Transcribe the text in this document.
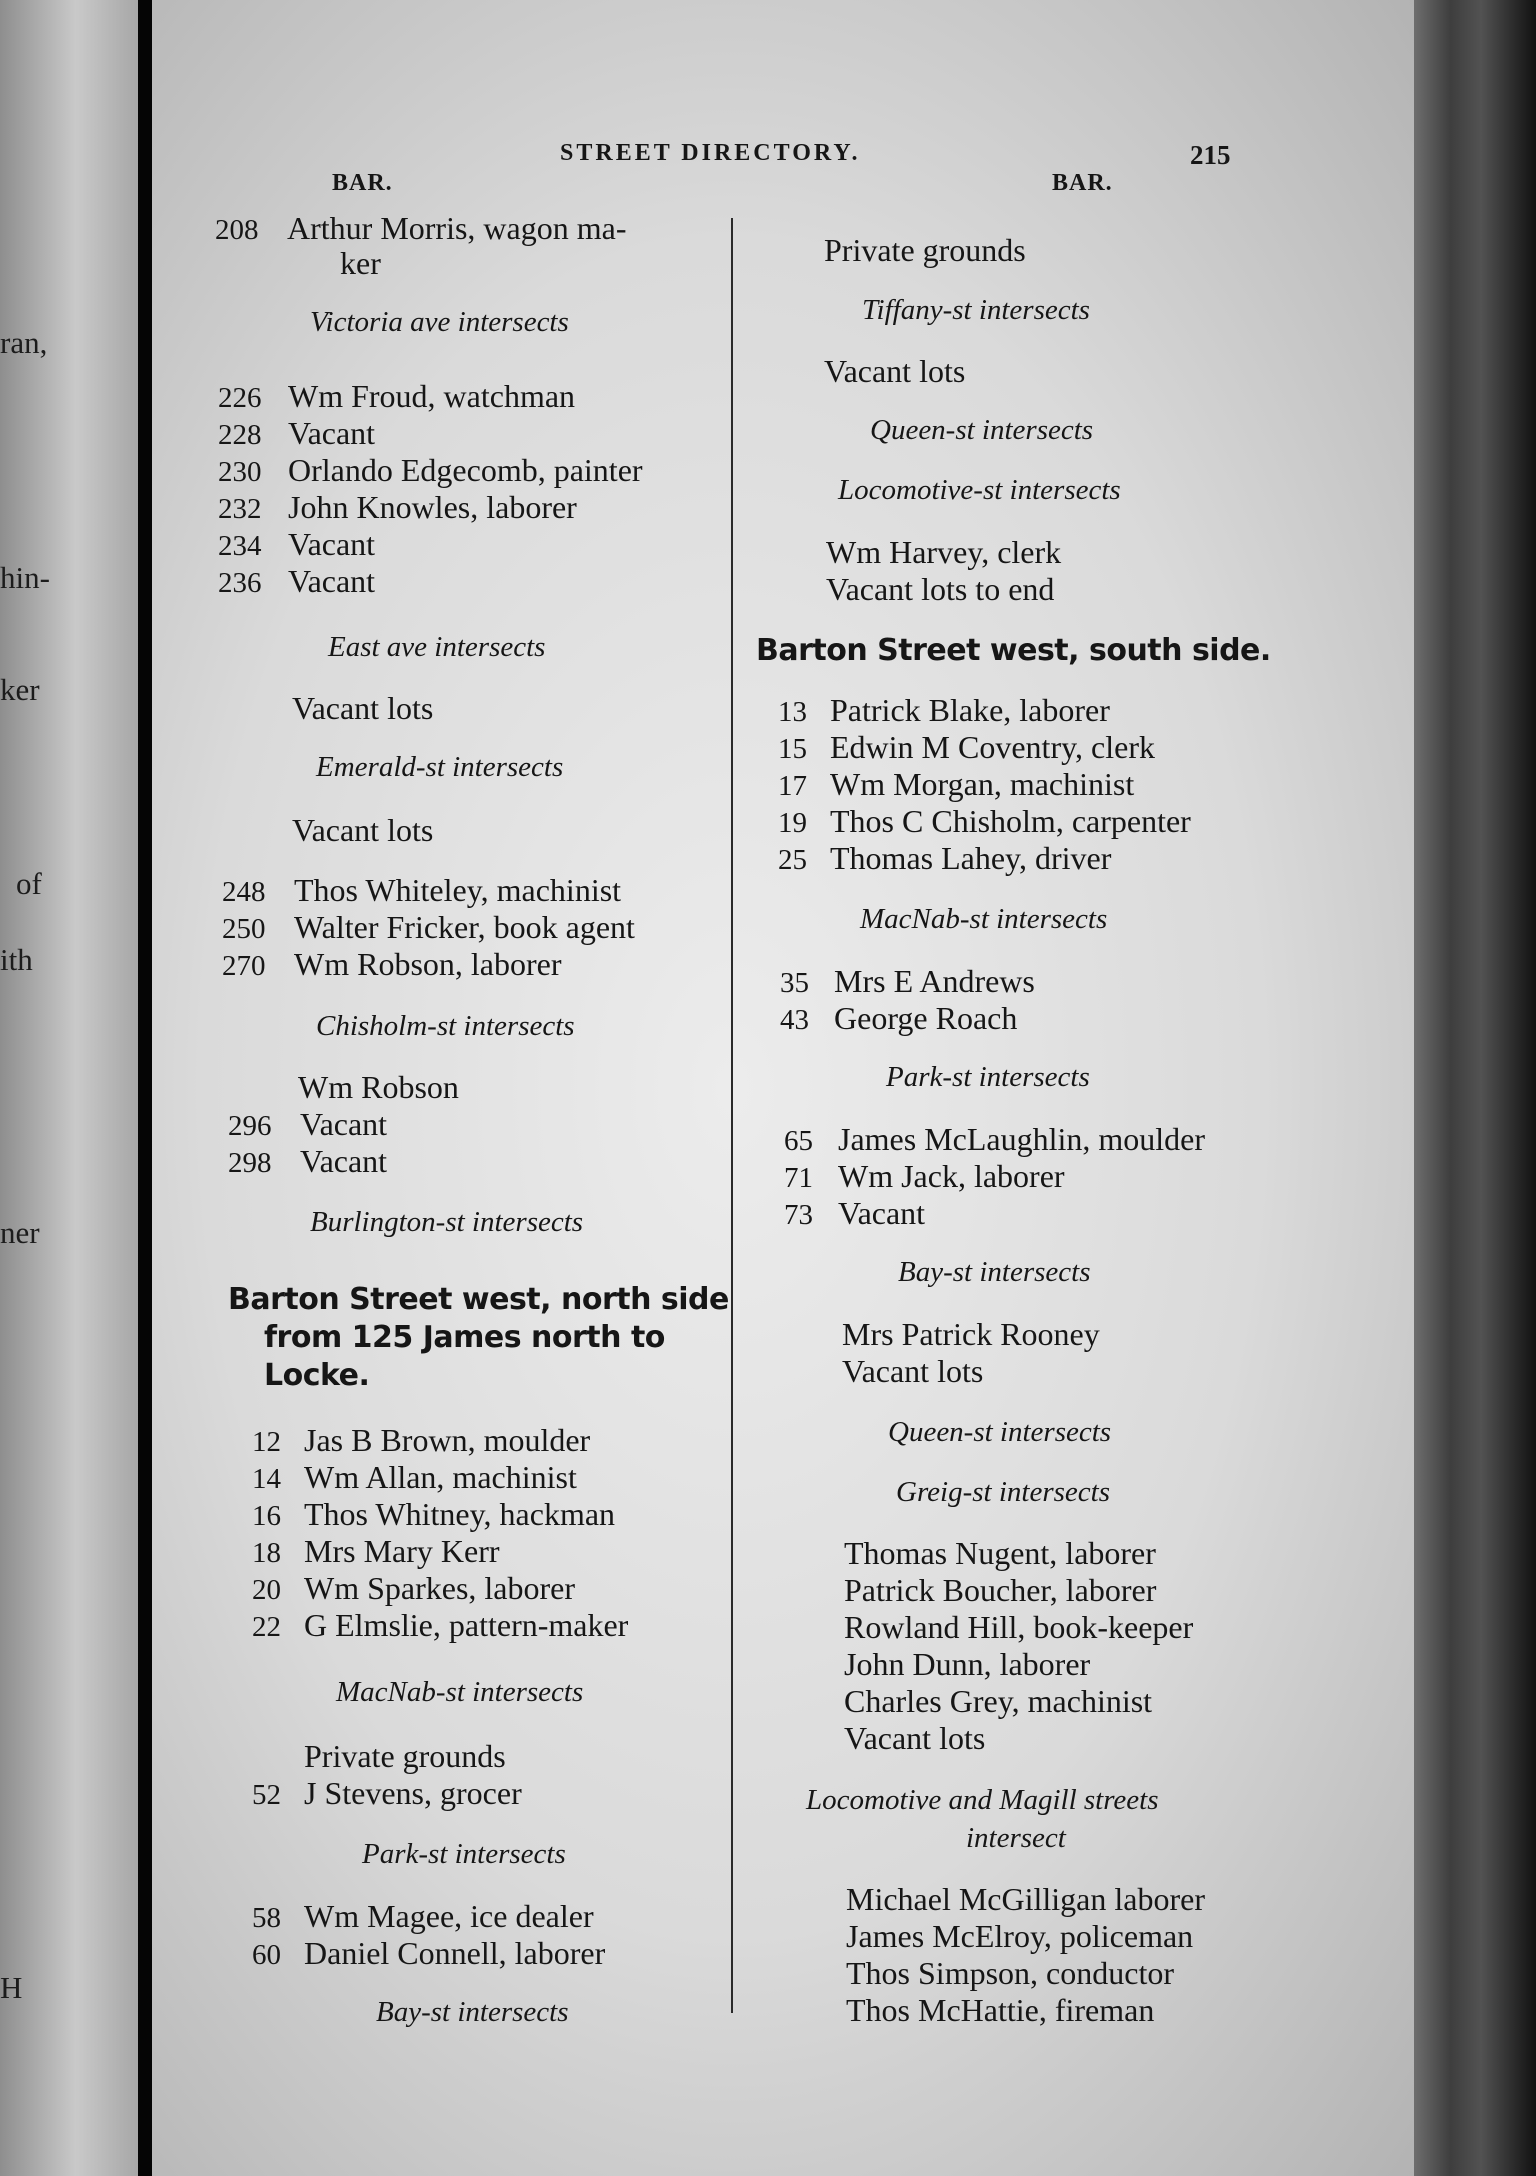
ran,
hin-
ker
of
ith
ner
H
STREET DIRECTORY.	215
BAR.	BAR.
208 Arthur Morris, wagon ma-
ker
Victoria ave intersects
226 Wm Froud, watchman
228 Vacant
230 Orlando Edgecomb, painter
232 John Knowles, laborer
234 Vacant
236 Vacant
East ave intersects
Vacant lots
Emerald-st intersects
Vacant lots
248 Thos Whiteley, machinist
250 Walter Fricker, book agent
270 Wm Robson, laborer
Chisholm-st intersects
Wm Robson
296 Vacant
298 Vacant
Burlington-st intersects
Barton Street west, north side
from 125 James north to
Locke.
12 Jas B Brown, moulder
14 Wm Allan, machinist
16 Thos Whitney, hackman
18 Mrs Mary Kerr
20 Wm Sparkes, laborer
22 G Elmslie, pattern-maker
MacNab-st intersects
Private grounds
52 J Stevens, grocer
Park-st intersects
58 Wm Magee, ice dealer
60 Daniel Connell, laborer
Bay-st intersects
Private grounds
Tiffany-st intersects
Vacant lots
Queen-st intersects
Locomotive-st intersects
Wm Harvey, clerk
Vacant lots to end
Barton Street west, south side.
13 Patrick Blake, laborer
15 Edwin M Coventry, clerk
17 Wm Morgan, machinist
19 Thos C Chisholm, carpenter
25 Thomas Lahey, driver
MacNab-st intersects
35 Mrs E Andrews
43 George Roach
Park-st intersects
65 James McLaughlin, moulder
71 Wm Jack, laborer
73 Vacant
Bay-st intersects
Mrs Patrick Rooney
Vacant lots
Queen-st intersects
Greig-st intersects
Thomas Nugent, laborer
Patrick Boucher, laborer
Rowland Hill, book-keeper
John Dunn, laborer
Charles Grey, machinist
Vacant lots
Locomotive and Magill streets
intersect
Michael McGilligan laborer
James McElroy, policeman
Thos Simpson, conductor
Thos McHattie, fireman
